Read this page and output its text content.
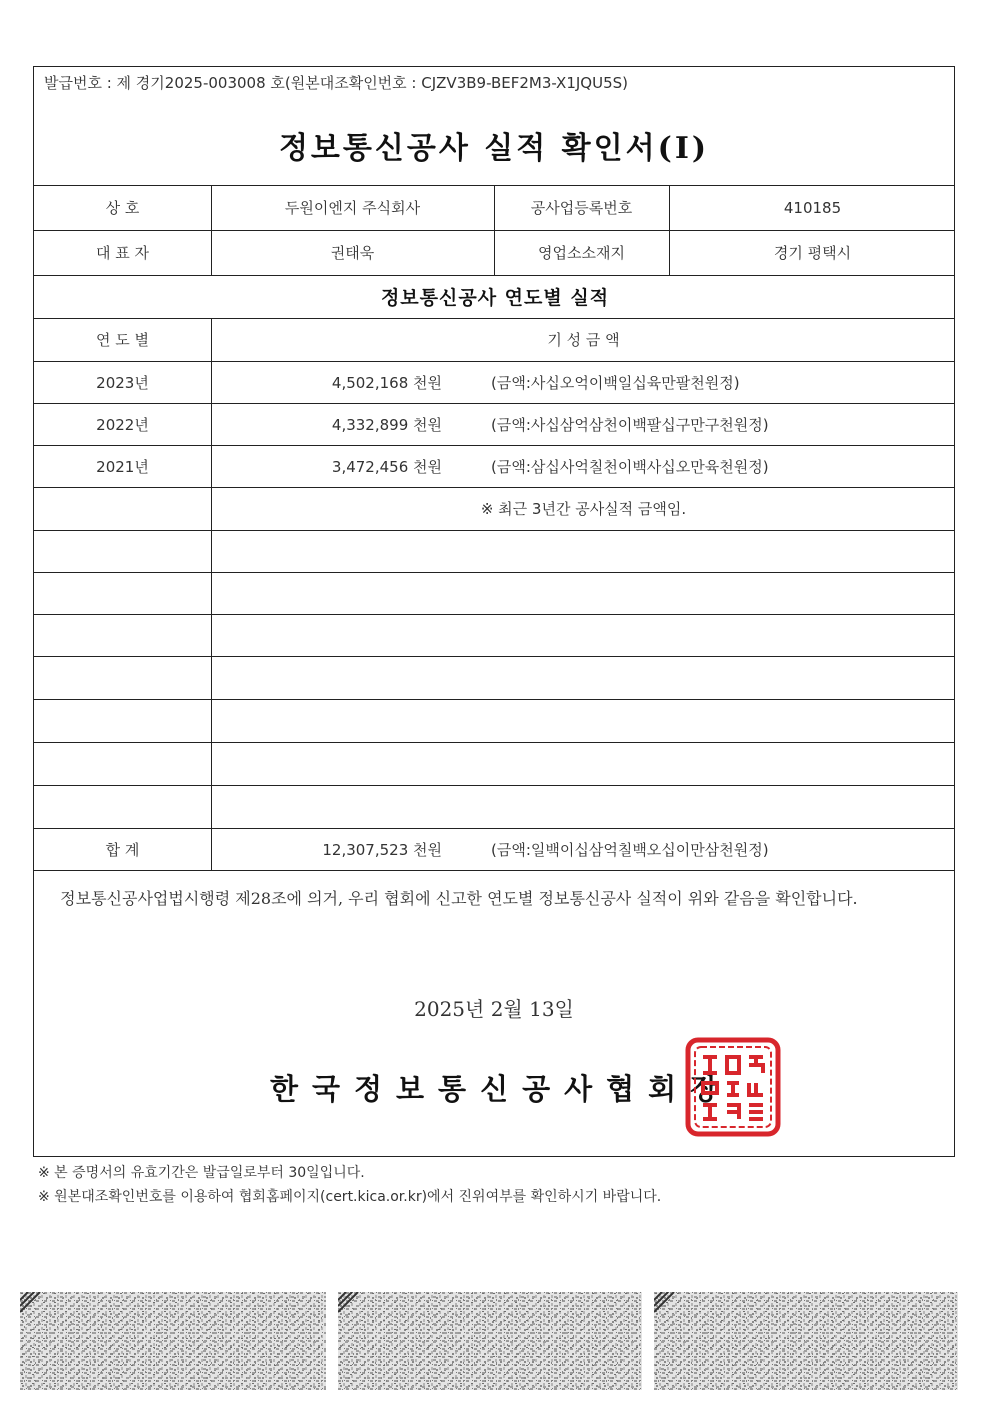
발급번호 : 제 경기2025-003008 호(원본대조확인번호 : CJZV3B9-BEF2M3-X1JQU5S)
정보통신공사 실적 확인서(Ⅰ)
상 호	두원이엔지 주식회사	공사업등록번호	410185
대 표 자	권태욱	영업소소재지	경기 평택시
정보통신공사 연도별 실적
연 도 별	기 성 금 액
2023년	4,502,168 천원	(금액:사십오억이백일십육만팔천원정)
2022년	4,332,899 천원	(금액:사십삼억삼천이백팔십구만구천원정)
2021년	3,472,456 천원	(금액:삼십사억칠천이백사십오만육천원정)
※ 최근 3년간 공사실적 금액임.
합 계	12,307,523 천원	(금액:일백이십삼억칠백오십이만삼천원정)
정보통신공사업법시행령 제28조에 의거, 우리 협회에 신고한 연도별 정보통신공사 실적이 위와 같음을 확인합니다.
2025년 2월 13일
한국정보통신공사협회장
※ 본 증명서의 유효기간은 발급일로부터 30일입니다.
※ 원본대조확인번호를 이용하여 협회홈페이지(cert.kica.or.kr)에서 진위여부를 확인하시기 바랍니다.
